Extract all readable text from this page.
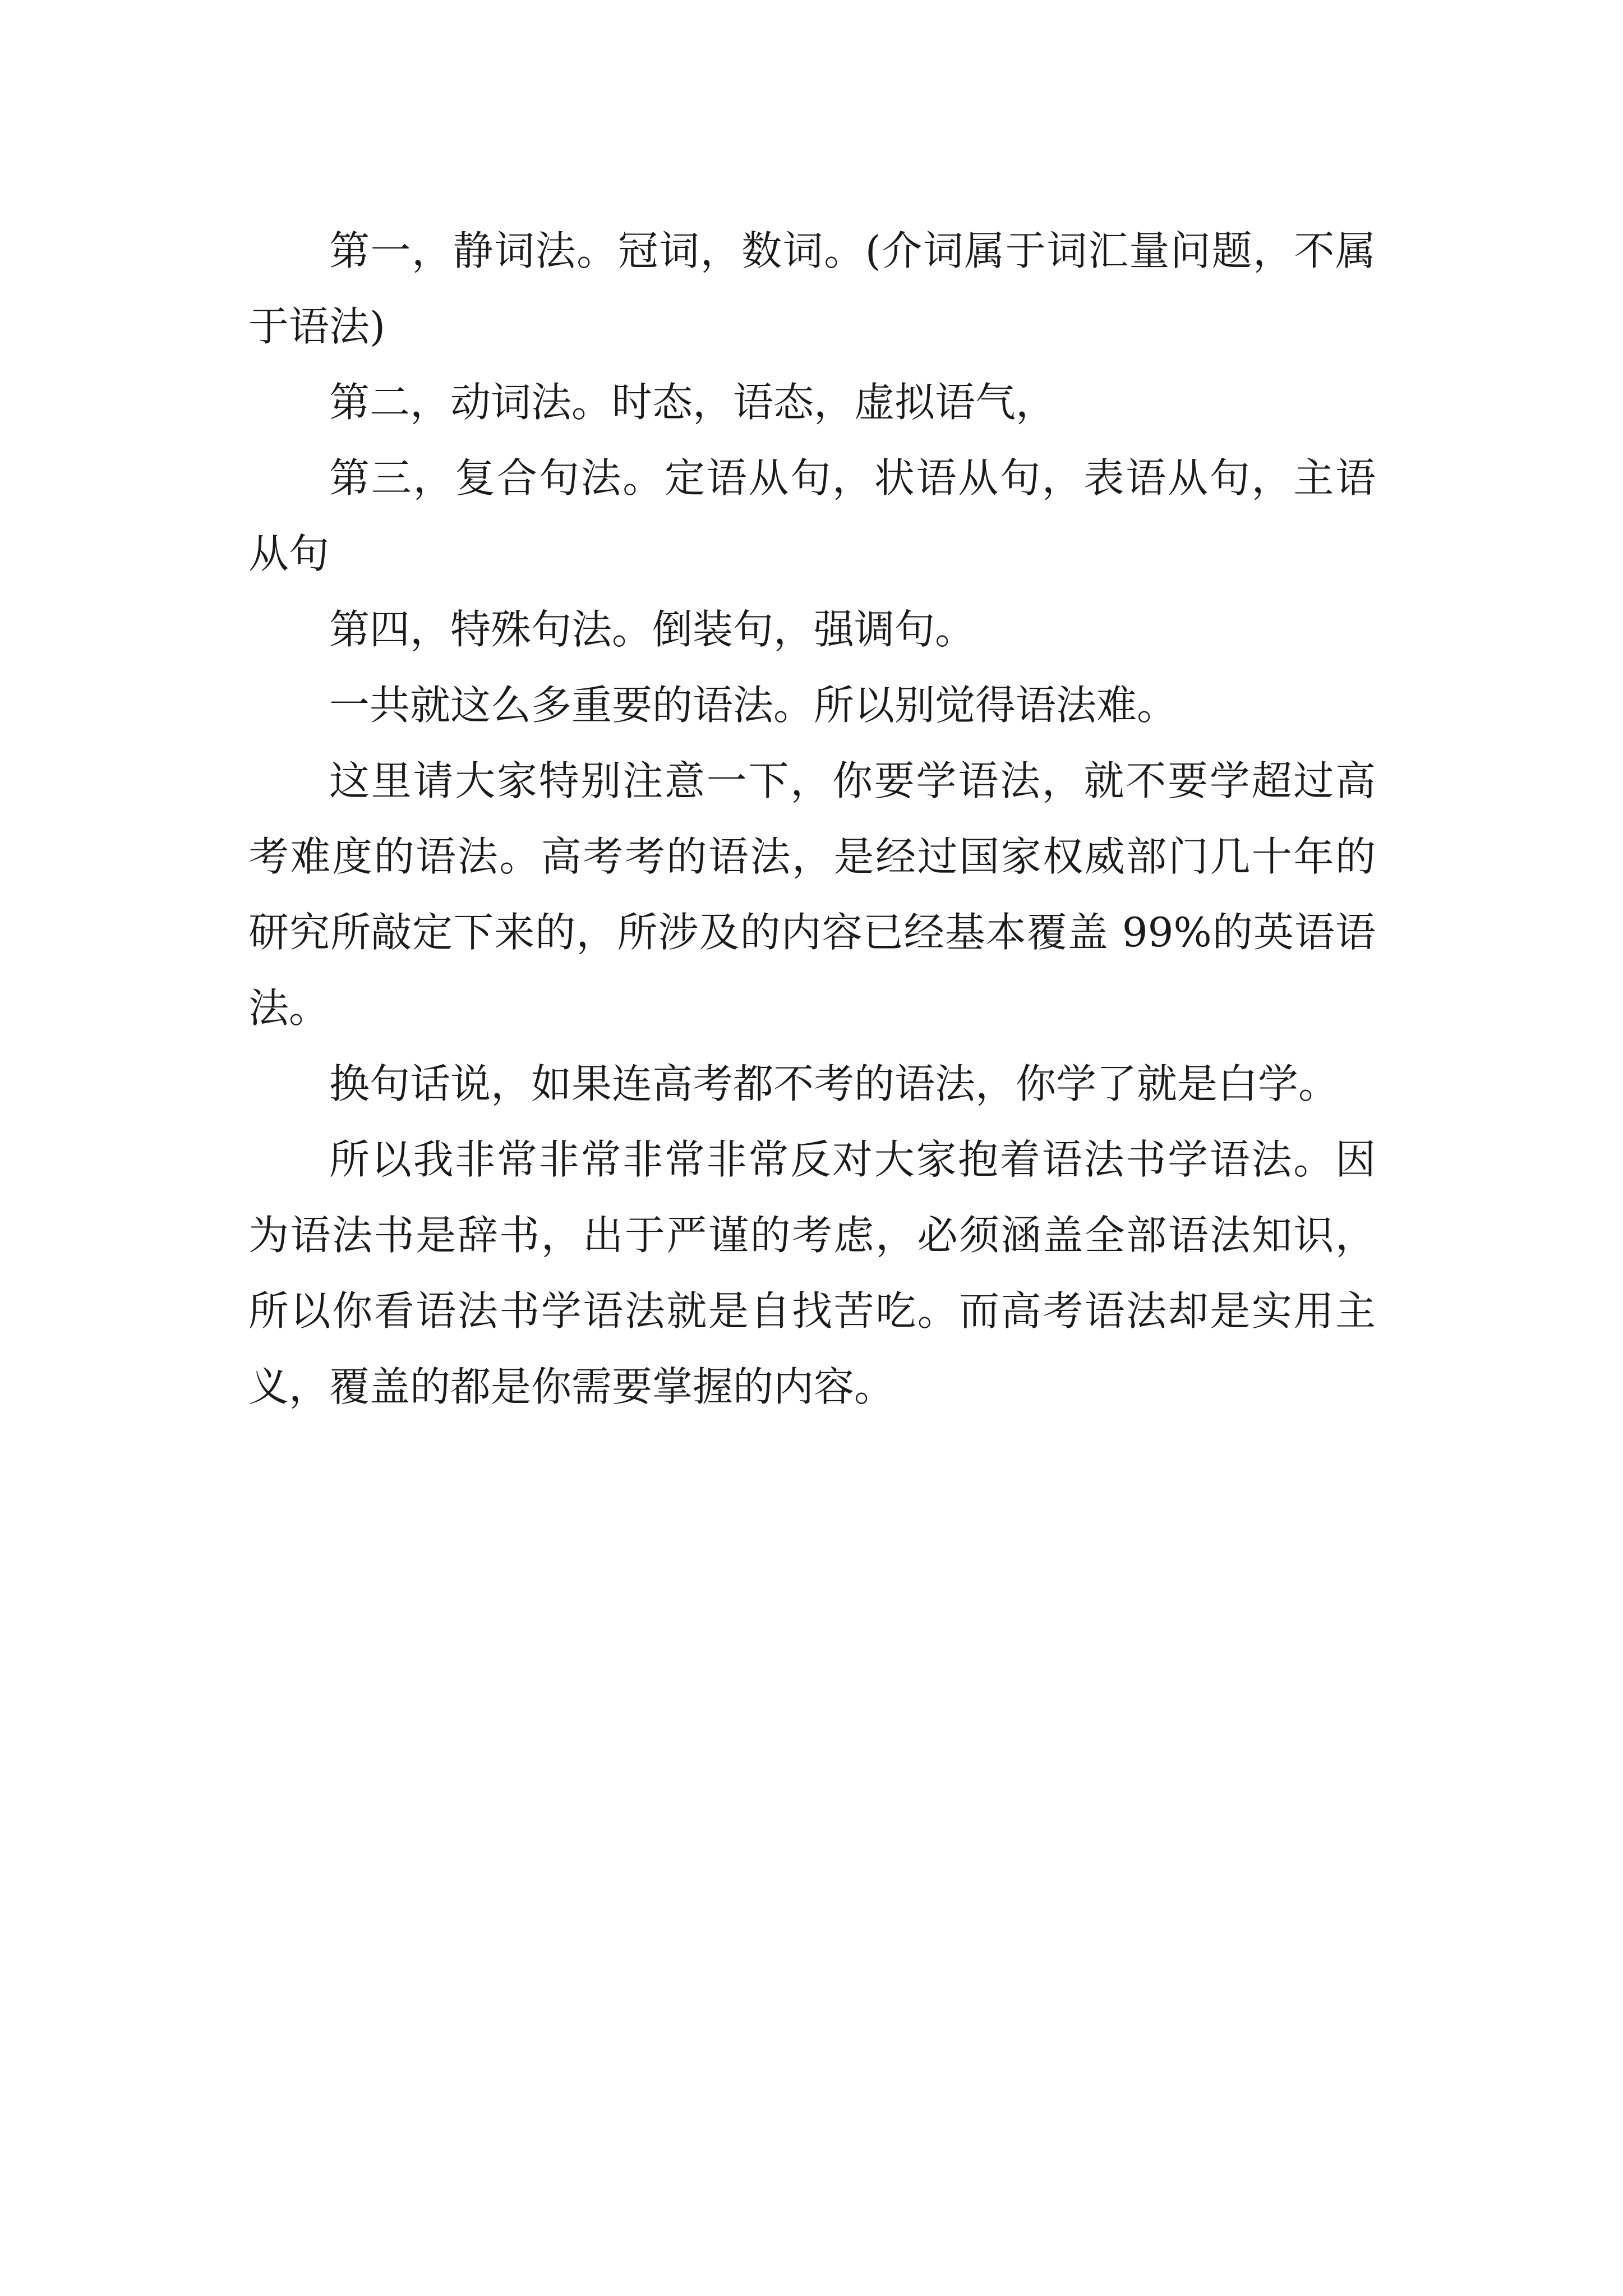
第一，静词法。冠词，数词。(介词属于词汇量问题，不属于语法)

第二，动词法。时态，语态，虚拟语气，

第三，复合句法。定语从句，状语从句，表语从句，主语从句

第四，特殊句法。倒装句，强调句。

一共就这么多重要的语法。所以别觉得语法难。

这里请大家特别注意一下，你要学语法，就不要学超过高考难度的语法。高考考的语法，是经过国家权威部门几十年的研究所敲定下来的，所涉及的内容已经基本覆盖 99%的英语语法。

换句话说，如果连高考都不考的语法，你学了就是白学。

所以我非常非常非常非常反对大家抱着语法书学语法。因为语法书是辞书，出于严谨的考虑，必须涵盖全部语法知识，所以你看语法书学语法就是自找苦吃。而高考语法却是实用主义，覆盖的都是你需要掌握的内容。
